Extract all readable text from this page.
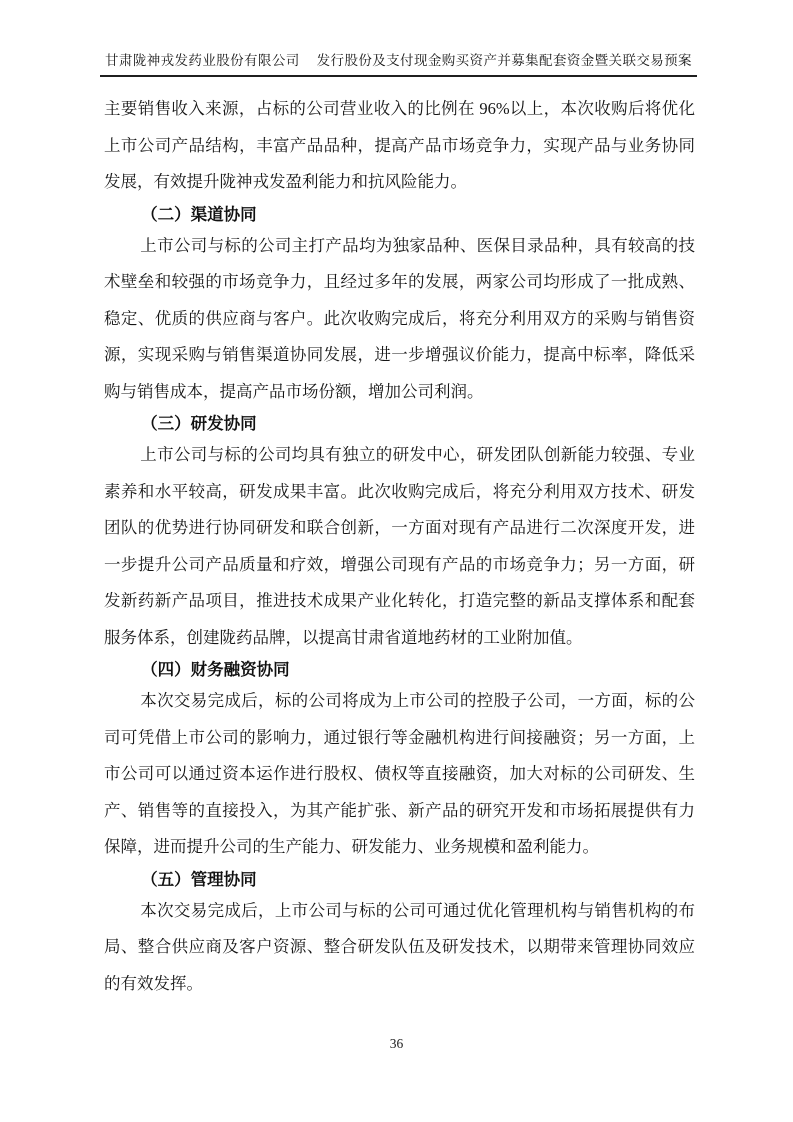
甘肃陇神戎发药业股份有限公司 发行股份及支付现金购买资产并募集配套资金暨关联交易预案

主要销售收入来源，占标的公司营业收入的比例在 96%以上，本次收购后将优化上市公司产品结构，丰富产品品种，提高产品市场竞争力，实现产品与业务协同发展，有效提升陇神戎发盈利能力和抗风险能力。

（二）渠道协同

上市公司与标的公司主打产品均为独家品种、医保目录品种，具有较高的技术壁垒和较强的市场竞争力，且经过多年的发展，两家公司均形成了一批成熟、稳定、优质的供应商与客户。此次收购完成后，将充分利用双方的采购与销售资源，实现采购与销售渠道协同发展，进一步增强议价能力，提高中标率，降低采购与销售成本，提高产品市场份额，增加公司利润。

（三）研发协同

上市公司与标的公司均具有独立的研发中心，研发团队创新能力较强、专业素养和水平较高，研发成果丰富。此次收购完成后，将充分利用双方技术、研发团队的优势进行协同研发和联合创新，一方面对现有产品进行二次深度开发，进一步提升公司产品质量和疗效，增强公司现有产品的市场竞争力；另一方面，研发新药新产品项目，推进技术成果产业化转化，打造完整的新品支撑体系和配套服务体系，创建陇药品牌，以提高甘肃省道地药材的工业附加值。

（四）财务融资协同

本次交易完成后，标的公司将成为上市公司的控股子公司，一方面，标的公司可凭借上市公司的影响力，通过银行等金融机构进行间接融资；另一方面，上市公司可以通过资本运作进行股权、债权等直接融资，加大对标的公司研发、生产、销售等的直接投入，为其产能扩张、新产品的研究开发和市场拓展提供有力保障，进而提升公司的生产能力、研发能力、业务规模和盈利能力。

（五）管理协同

本次交易完成后，上市公司与标的公司可通过优化管理机构与销售机构的布局、整合供应商及客户资源、整合研发队伍及研发技术，以期带来管理协同效应的有效发挥。

36
